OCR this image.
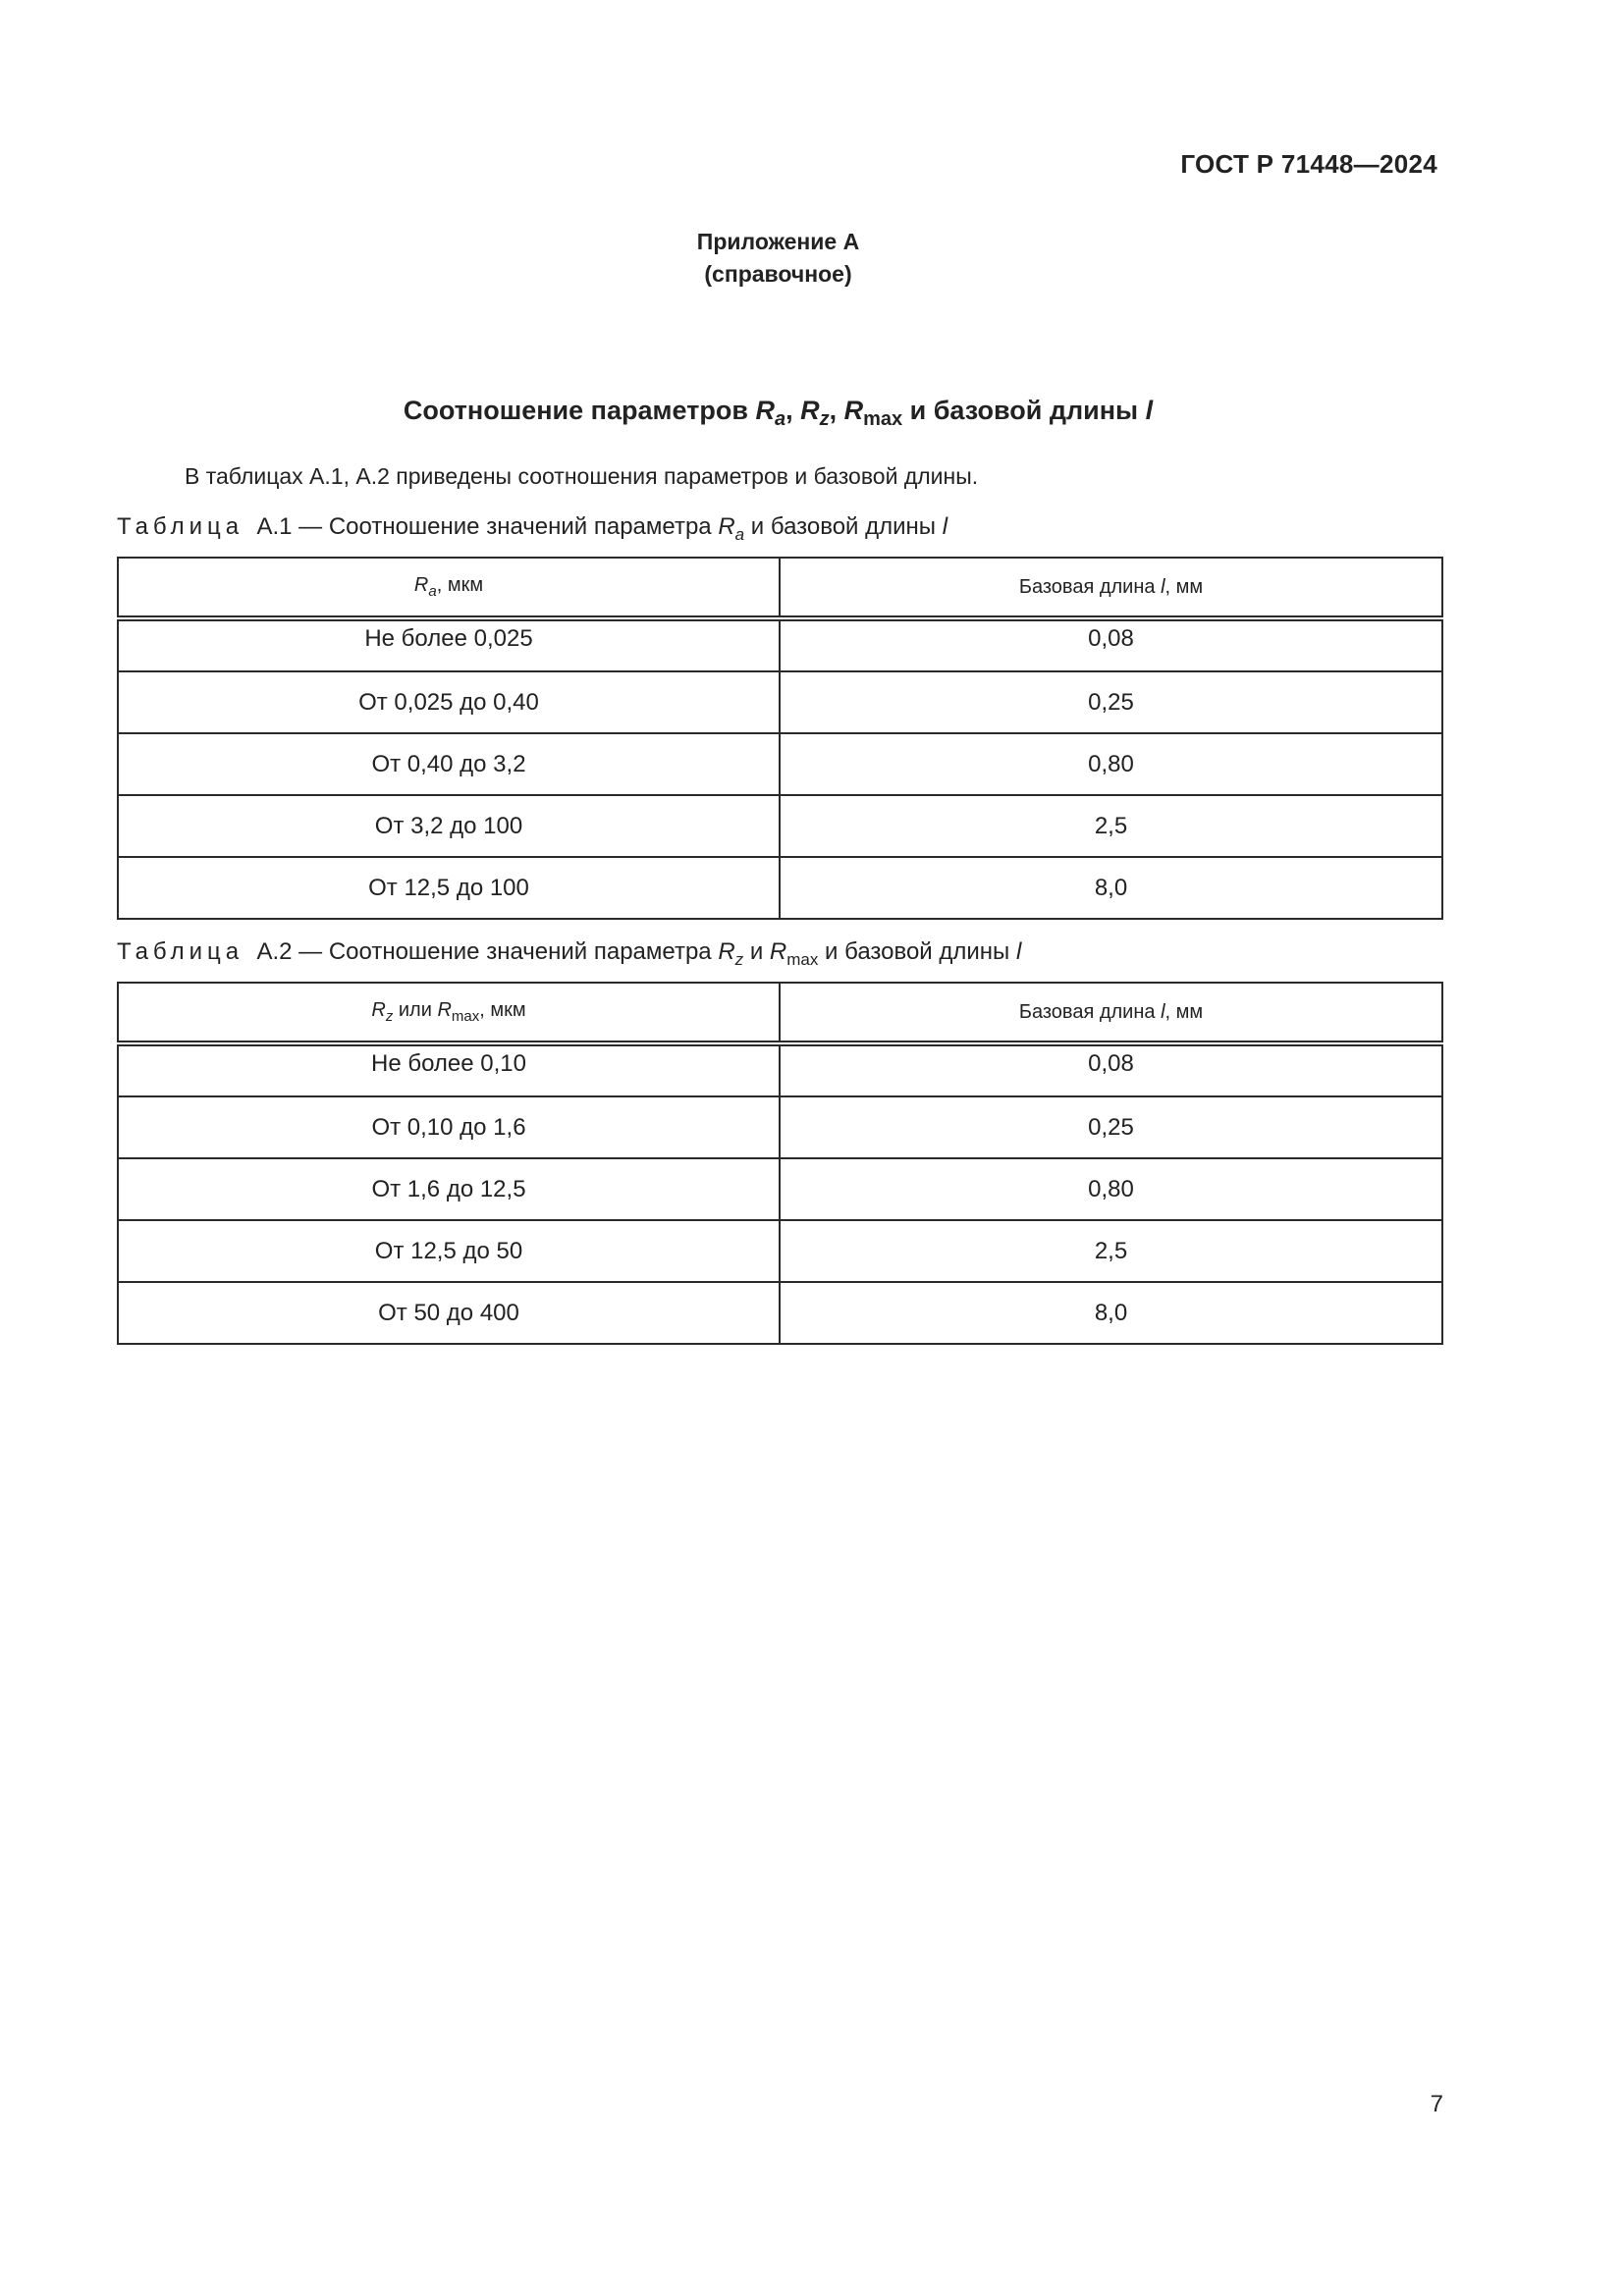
ГОСТ Р 71448—2024
Приложение А
(справочное)
Соотношение параметров $R_a$, $R_z$, $R_{max}$ и базовой длины l
В таблицах А.1, А.2 приведены соотношения параметров и базовой длины.
Таблица А.1 — Соотношение значений параметра $R_a$ и базовой длины l
$R_a$, мкм	Базовая длина l, мм
Не более 0,025	0,08
От 0,025 до 0,40	0,25
От 0,40 до 3,2	0,80
От 3,2 до 100	2,5
От 12,5 до 100	8,0
Таблица А.2 — Соотношение значений параметра $R_z$ и $R_{max}$ и базовой длины l
$R_z$ или $R_{max}$, мкм	Базовая длина l, мм
Не более 0,10	0,08
От 0,10 до 1,6	0,25
От 1,6 до 12,5	0,80
От 12,5 до 50	2,5
От 50 до 400	8,0
7
